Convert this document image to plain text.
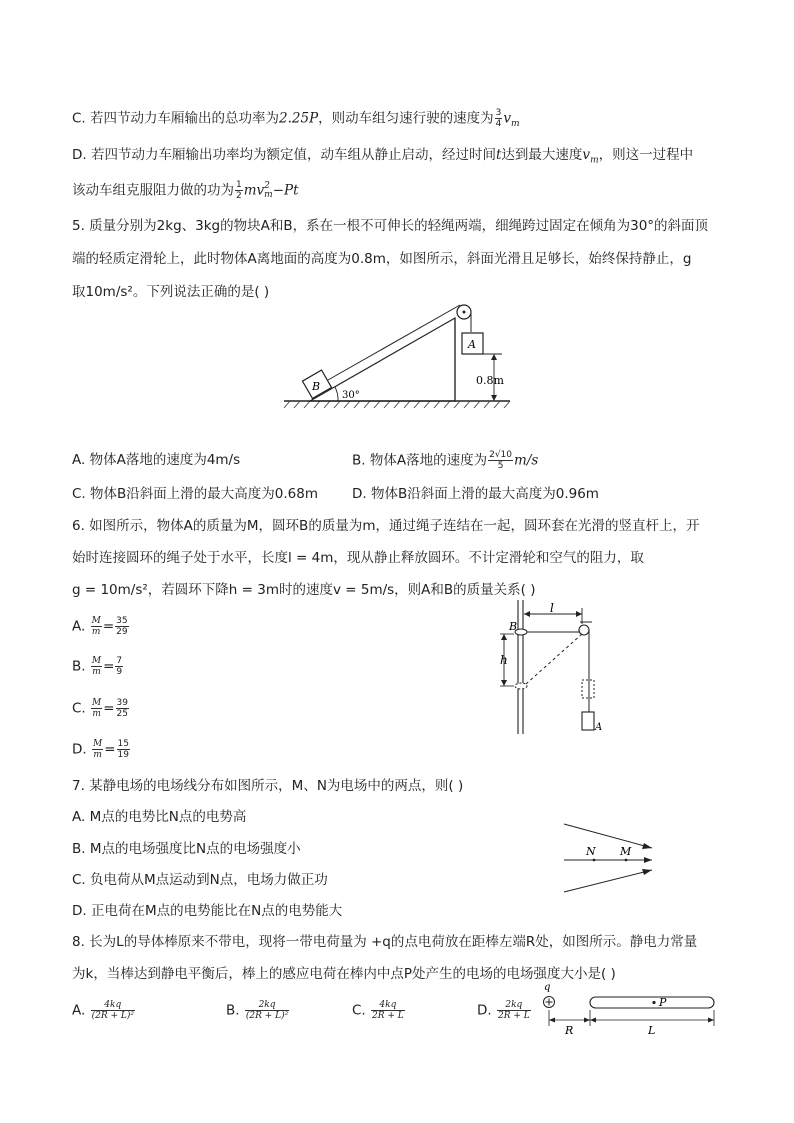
C. 若四节动力车厢输出的总功率为2.25P，则动车组匀速行驶的速度为 $\frac{3}{4} v_m$
D. 若四节动力车厢输出功率均为额定值，动车组从静止启动，经过时间t达到最大速度$v_m$，则这一过程中
该动车组克服阻力做的功为 $\frac{1}{2}$ mv 2
m −Pt
5. 质量分别为2kg、3kg的物块A和B，系在一根不可伸长的轻绳两端，细绳跨过固定在倾角为30°的斜面顶
端的轻质定滑轮上，此时物体A离地面的高度为0.8m，如图所示，斜面光滑且足够长，始终保持静止，g
取10m/s²。下列说法正确的是( )
B
30°
A
0.8m
A. 物体A落地的速度为4m/s	B. 物体A落地的速度为 $\frac{2√10}{5} m/s$
C. 物体B沿斜面上滑的最大高度为0.68m	D. 物体B沿斜面上滑的最大高度为0.96m
6. 如图所示，物体A的质量为M，圆环B的质量为m，通过绳子连结在一起，圆环套在光滑的竖直杆上，开
始时连接圆环的绳子处于水平，长度l = 4m，现从静止释放圆环。不计定滑轮和空气的阻力，取
g = 10m/s²，若圆环下降h = 3m时的速度v = 5m/s，则A和B的质量关系( )
A. $\frac{M}{m} = \frac{35}{29}$
B. $\frac{M}{m} = \frac{7}{9}$
C. $\frac{M}{m} = \frac{39}{25}$
D. $\frac{M}{m} = \frac{15}{19}$
B
l
h
A
7. 某静电场的电场线分布如图所示，M、N为电场中的两点，则( )
A. M点的电势比N点的电势高
B. M点的电场强度比N点的电场强度小
C. 负电荷从M点运动到N点，电场力做正功
D. 正电荷在M点的电势能比在N点的电势能大
N M
8. 长为L的导体棒原来不带电，现将一带电荷量为 +q的点电荷放在距棒左端R处，如图所示。静电力常量
为k，当棒达到静电平衡后，棒上的感应电荷在棒内中点P处产生的电场的电场强度大小是( )
A. $\frac{4kq}{\text{(2R + L)²}}$	B. $\frac{2kq}{\text{(2R + L)²}}$	C. $\frac{4kq}{2R + L}$	D. $\frac{2kq}{2R + L}$
q
P
R	L
